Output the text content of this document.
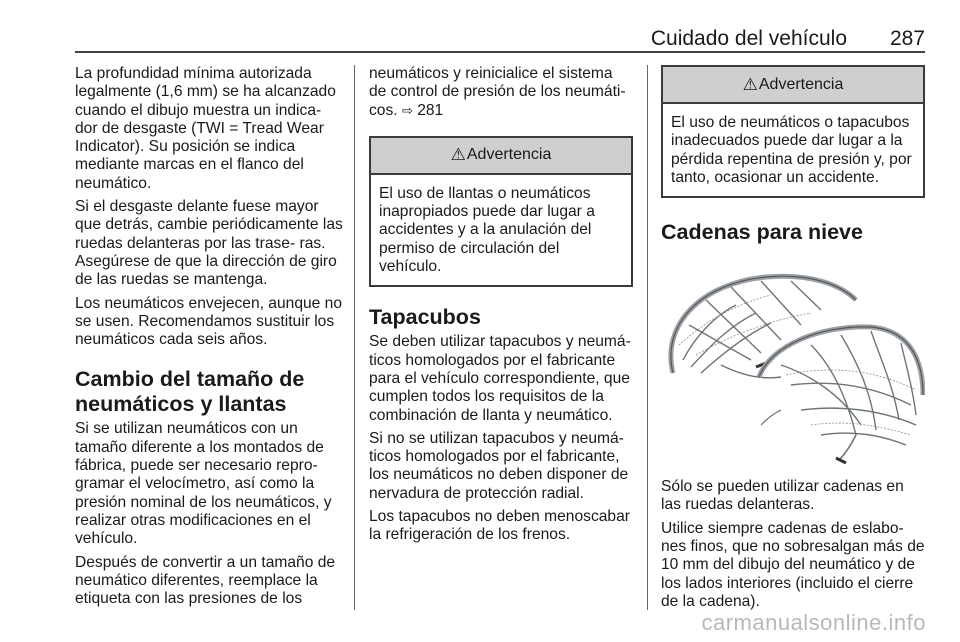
Cuidado del vehículo 287

La profundidad mínima autorizada legalmente (1,6 mm) se ha alcanzado cuando el dibujo muestra un indica‐ dor de desgaste (TWI = Tread Wear Indicator). Su posición se indica mediante marcas en el flanco del neumático.

Si el desgaste delante fuese mayor que detrás, cambie periódicamente las ruedas delanteras por las trase‐ ras. Asegúrese de que la dirección de giro de las ruedas se mantenga.

Los neumáticos envejecen, aunque no se usen. Recomendamos sustituir los neumáticos cada seis años.

Cambio del tamaño de neumáticos y llantas

Si se utilizan neumáticos con un tamaño diferente a los montados de fábrica, puede ser necesario repro‐ gramar el velocímetro, así como la presión nominal de los neumáticos, y realizar otras modificaciones en el vehículo.

Después de convertir a un tamaño de neumático diferentes, reemplace la etiqueta con las presiones de los

neumáticos y reinicialice el sistema de control de presión de los neumáti‐ cos. ⇨ 281

⚠ Advertencia

El uso de llantas o neumáticos inapropiados puede dar lugar a accidentes y a la anulación del permiso de circulación del vehículo.

Tapacubos

Se deben utilizar tapacubos y neumá‐ ticos homologados por el fabricante para el vehículo correspondiente, que cumplen todos los requisitos de la combinación de llanta y neumático.

Si no se utilizan tapacubos y neumá‐ ticos homologados por el fabricante, los neumáticos no deben disponer de nervadura de protección radial.

Los tapacubos no deben menoscabar la refrigeración de los frenos.

⚠ Advertencia

El uso de neumáticos o tapacubos inadecuados puede dar lugar a la pérdida repentina de presión y, por tanto, ocasionar un accidente.

Cadenas para nieve

Sólo se pueden utilizar cadenas en las ruedas delanteras.

Utilice siempre cadenas de eslabo‐ nes finos, que no sobresalgan más de 10 mm del dibujo del neumático y de los lados interiores (incluido el cierre de la cadena).

carmanualsonline.info
